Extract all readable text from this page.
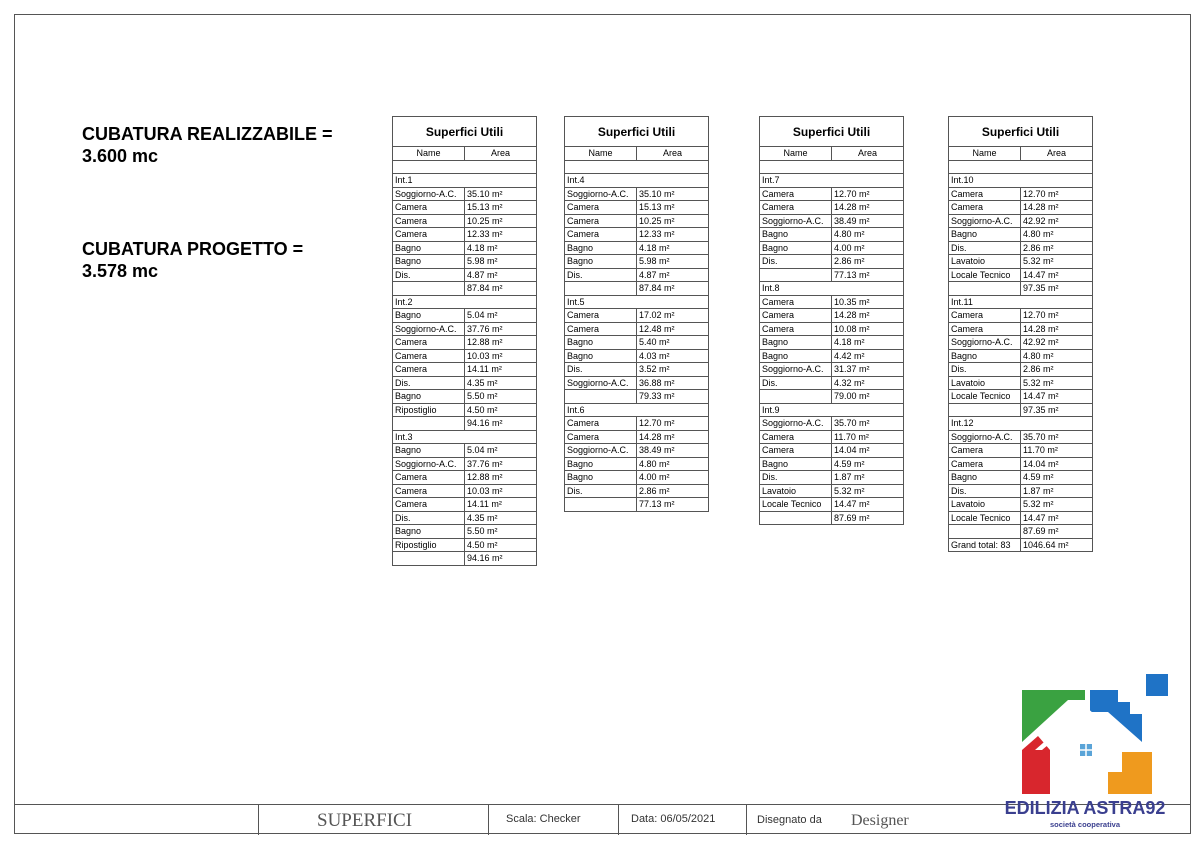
CUBATURA REALIZZABILE =
3.600 mc
CUBATURA PROGETTO =
3.578 mc
Superfici Utili	
Name	Area

Int.1	
Soggiorno-A.C.	35.10 m²
Camera	15.13 m²
Camera	10.25 m²
Camera	12.33 m²
Bagno	4.18 m²
Bagno	5.98 m²
Dis.	4.87 m²
	87.84 m²
Int.2	
Bagno	5.04 m²
Soggiorno-A.C.	37.76 m²
Camera	12.88 m²
Camera	10.03 m²
Camera	14.11 m²
Dis.	4.35 m²
Bagno	5.50 m²
Ripostiglio	4.50 m²
	94.16 m²
Int.3	
Bagno	5.04 m²
Soggiorno-A.C.	37.76 m²
Camera	12.88 m²
Camera	10.03 m²
Camera	14.11 m²
Dis.	4.35 m²
Bagno	5.50 m²
Ripostiglio	4.50 m²
	94.16 m²
Superfici Utili	
Name	Area

Int.4	
Soggiorno-A.C.	35.10 m²
Camera	15.13 m²
Camera	10.25 m²
Camera	12.33 m²
Bagno	4.18 m²
Bagno	5.98 m²
Dis.	4.87 m²
	87.84 m²
Int.5	
Camera	17.02 m²
Camera	12.48 m²
Bagno	5.40 m²
Bagno	4.03 m²
Dis.	3.52 m²
Soggiorno-A.C.	36.88 m²
	79.33 m²
Int.6	
Camera	12.70 m²
Camera	14.28 m²
Soggiorno-A.C.	38.49 m²
Bagno	4.80 m²
Bagno	4.00 m²
Dis.	2.86 m²
	77.13 m²
Superfici Utili	
Name	Area

Int.7	
Camera	12.70 m²
Camera	14.28 m²
Soggiorno-A.C.	38.49 m²
Bagno	4.80 m²
Bagno	4.00 m²
Dis.	2.86 m²
	77.13 m²
Int.8	
Camera	10.35 m²
Camera	14.28 m²
Camera	10.08 m²
Bagno	4.18 m²
Bagno	4.42 m²
Soggiorno-A.C.	31.37 m²
Dis.	4.32 m²
	79.00 m²
Int.9	
Soggiorno-A.C.	35.70 m²
Camera	11.70 m²
Camera	14.04 m²
Bagno	4.59 m²
Dis.	1.87 m²
Lavatoio	5.32 m²
Locale Tecnico	14.47 m²
	87.69 m²
Superfici Utili	
Name	Area

Int.10	
Camera	12.70 m²
Camera	14.28 m²
Soggiorno-A.C.	42.92 m²
Bagno	4.80 m²
Dis.	2.86 m²
Lavatoio	5.32 m²
Locale Tecnico	14.47 m²
	97.35 m²
Int.11	
Camera	12.70 m²
Camera	14.28 m²
Soggiorno-A.C.	42.92 m²
Bagno	4.80 m²
Dis.	2.86 m²
Lavatoio	5.32 m²
Locale Tecnico	14.47 m²
	97.35 m²
Int.12	
Soggiorno-A.C.	35.70 m²
Camera	11.70 m²
Camera	14.04 m²
Bagno	4.59 m²
Dis.	1.87 m²
Lavatoio	5.32 m²
Locale Tecnico	14.47 m²
	87.69 m²
Grand total: 83	1046.64 m²
SUPERFICI	Scala: Checker	Data: 06/05/2021	Disegnato da Designer
EDILIZIA ASTRA92
società cooperativa
